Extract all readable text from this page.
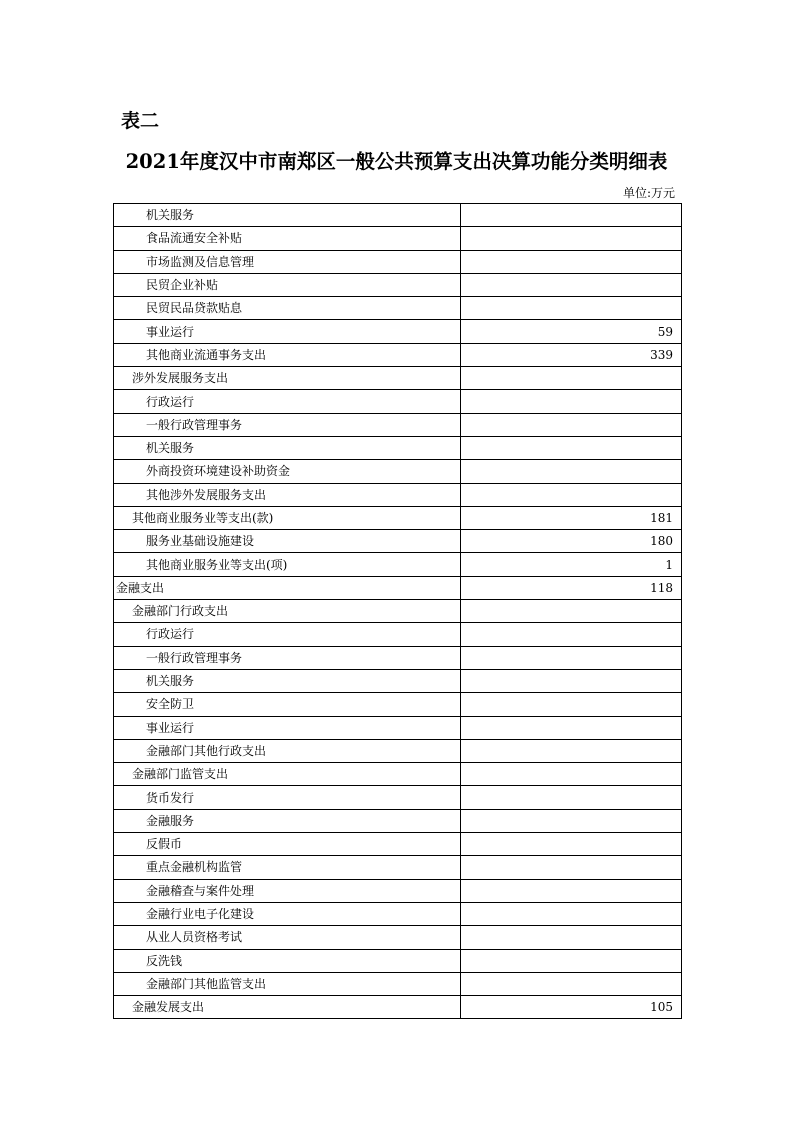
表二
2021年度汉中市南郑区一般公共预算支出决算功能分类明细表
单位:万元
机关服务	
食品流通安全补贴	
市场监测及信息管理	
民贸企业补贴	
民贸民品贷款贴息	
事业运行	59
其他商业流通事务支出	339
涉外发展服务支出	
行政运行	
一般行政管理事务	
机关服务	
外商投资环境建设补助资金	
其他涉外发展服务支出	
其他商业服务业等支出(款)	181
服务业基础设施建设	180
其他商业服务业等支出(项)	1
金融支出	118
金融部门行政支出	
行政运行	
一般行政管理事务	
机关服务	
安全防卫	
事业运行	
金融部门其他行政支出	
金融部门监管支出	
货币发行	
金融服务	
反假币	
重点金融机构监管	
金融稽查与案件处理	
金融行业电子化建设	
从业人员资格考试	
反洗钱	
金融部门其他监管支出	
金融发展支出	105
